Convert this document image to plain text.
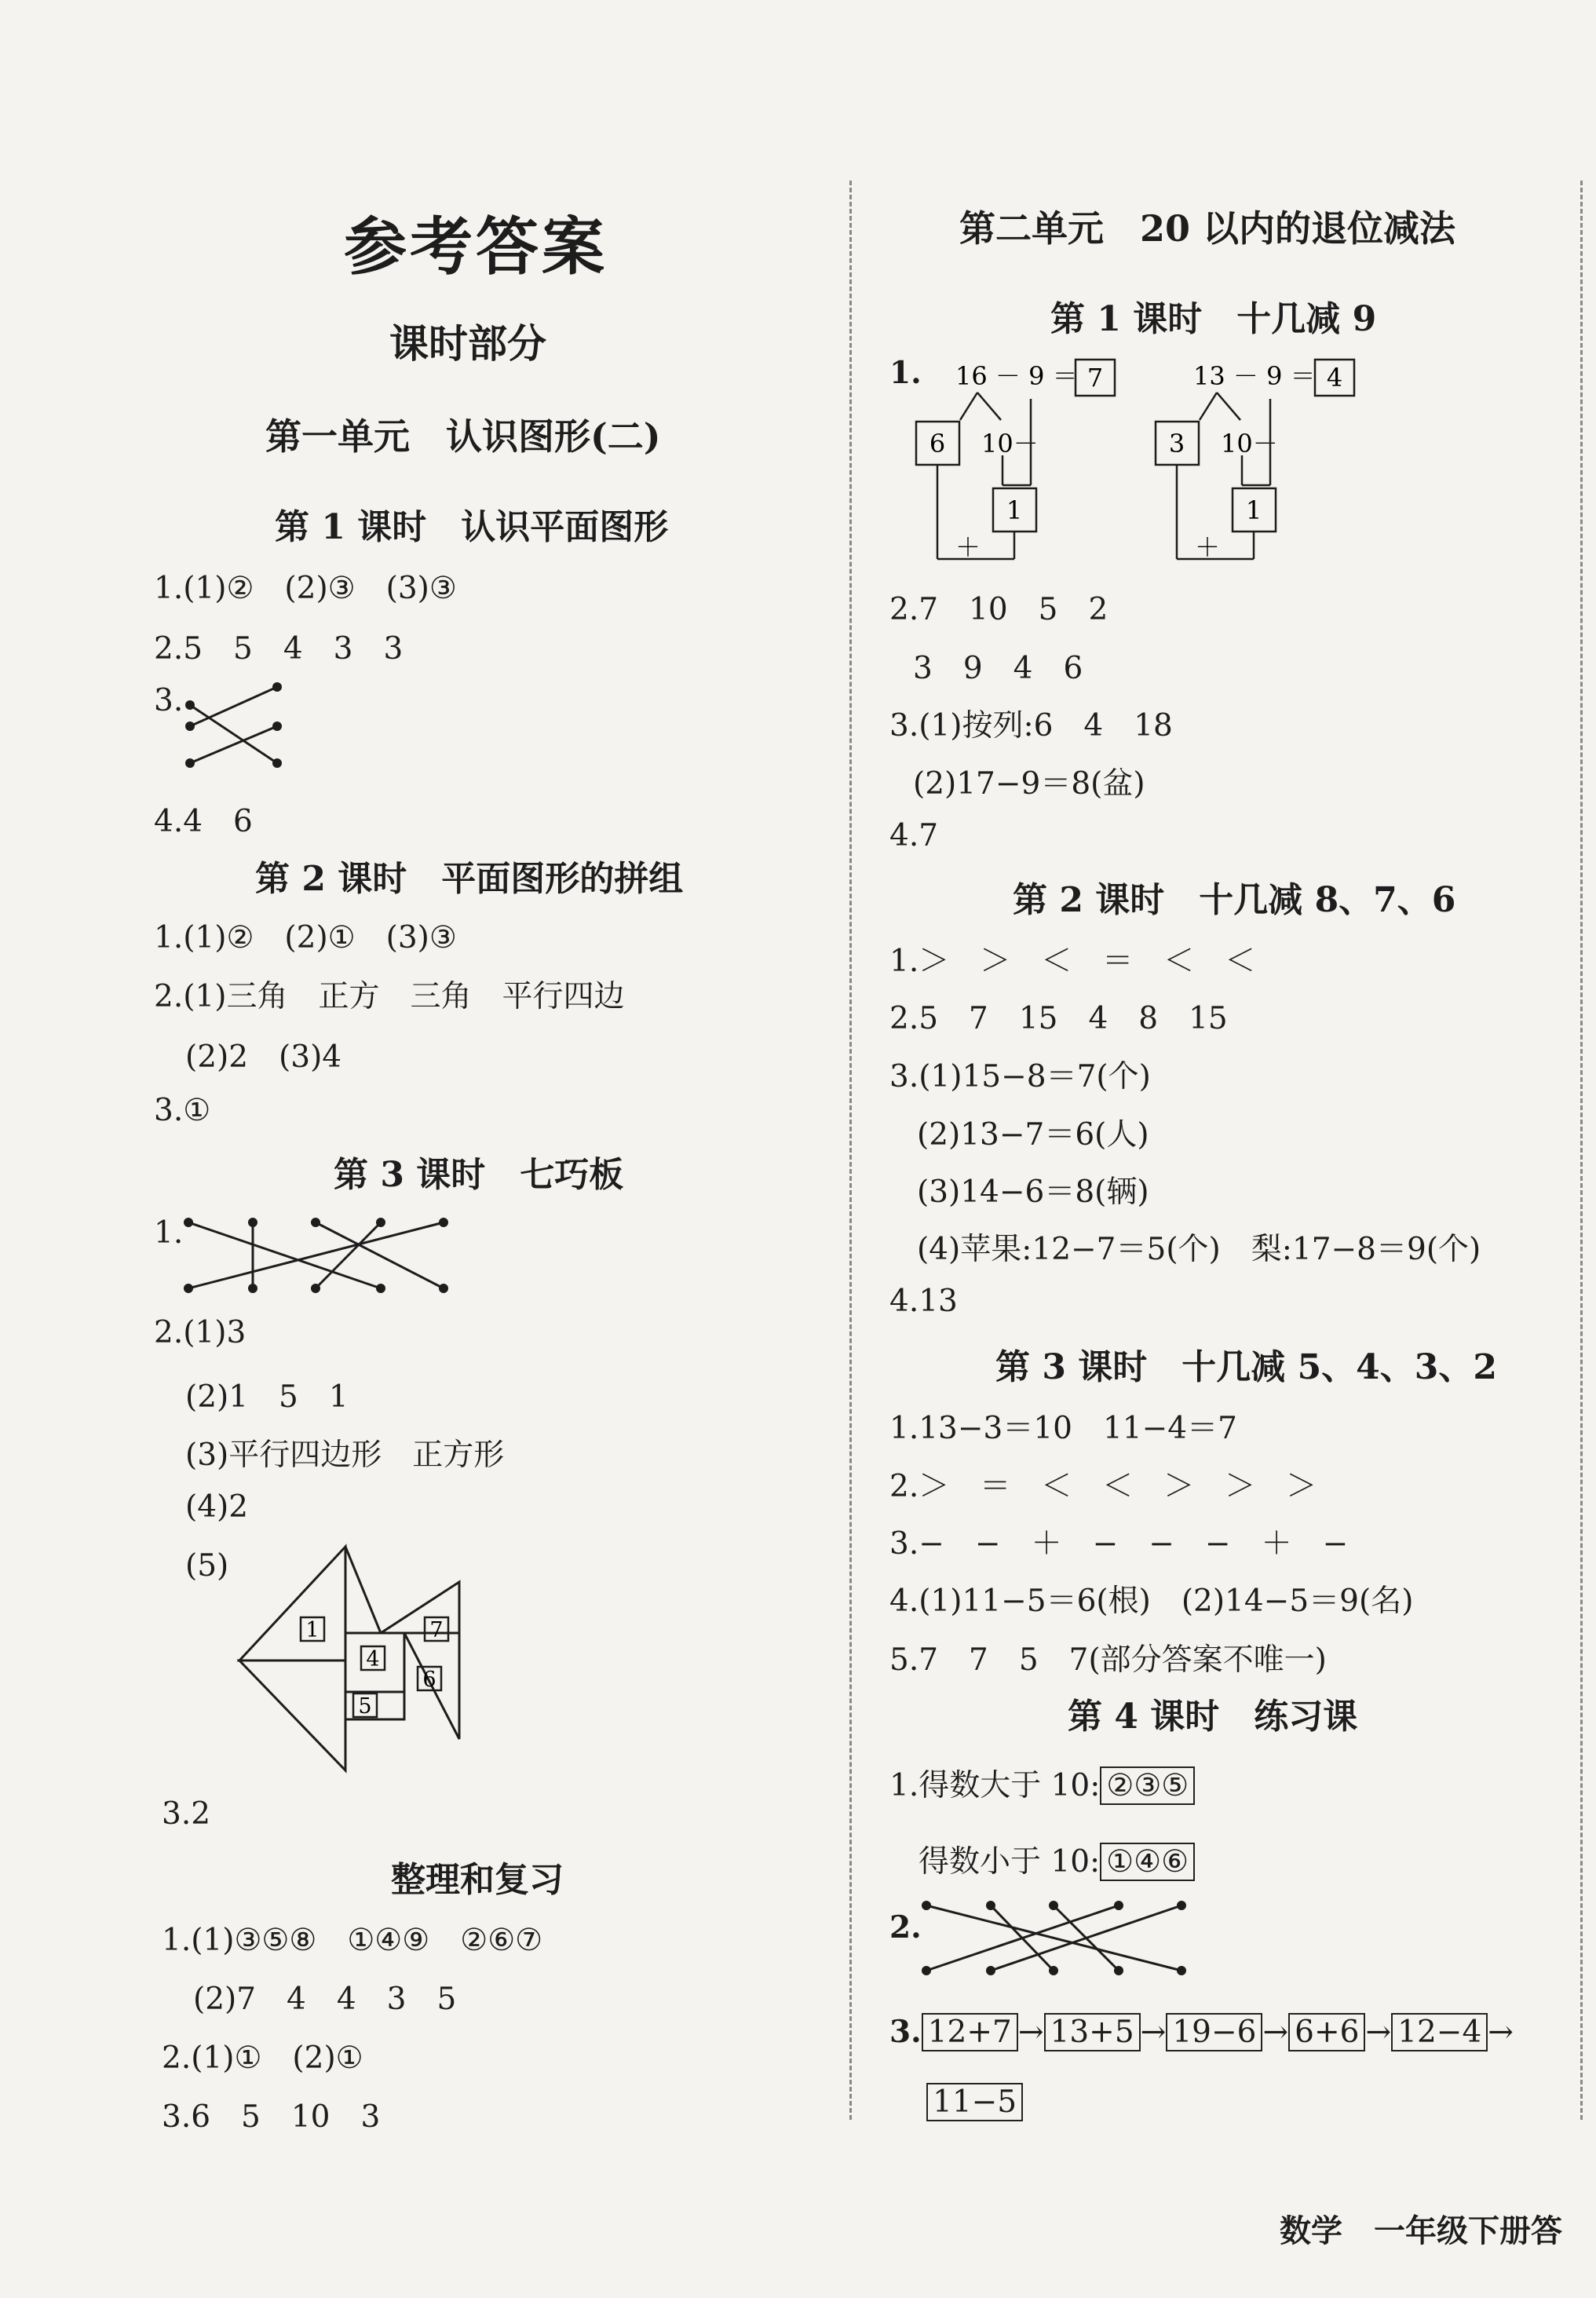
参考答案
课时部分
第一单元　认识图形(二)
第 1 课时　认识平面图形
1.(1)②　(2)③　(3)③
2.5　5　4　3　3
3.
4.4　6
第 2 课时　平面图形的拼组
1.(1)②　(2)①　(3)③
2.(1)三角　正方　三角　平行四边
(2)2　(3)4
3.①
第 3 课时　七巧板
1.
2.(1)3
(2)1　5　1
(3)平行四边形　正方形
(4)2
(5)
1
4
7
6
5
3.2
整理和复习
1.(1)③⑤⑧　①④⑨　②⑥⑦
(2)7　4　4　3　5
2.(1)①　(2)①
3.6　5　10　3
第二单元　20 以内的退位减法
第 1 课时　十几减 9
1. 16 － 9 ＝ 7
6 10－
1
＋
13 － 9 ＝ 4
3 10－
1
＋
2.7　10　5　2
3　9　4　6
3.(1)按列:6　4　18
(2)17−9＝8(盆)
4.7
第 2 课时　十几减 8、7、6
1.＞　＞　＜　＝　＜　＜
2.5　7　15　4　8　15
3.(1)15−8＝7(个)
(2)13−7＝6(人)
(3)14−6＝8(辆)
(4)苹果:12−7＝5(个)　梨:17−8＝9(个)
4.13
第 3 课时　十几减 5、4、3、2
1.13−3＝10　11−4＝7
2.＞　＝　＜　＜　＞　＞　＞
3.−　−　＋　−　−　−　＋　−
4.(1)11−5＝6(根)　(2)14−5＝9(名)
5.7　7　5　7(部分答案不唯一)
第 4 课时　练习课
1.得数大于 10: ②③⑤
得数小于 10: ①④⑥
2.
3. 12+7 → 13+5 → 19−6 → 6+6 → 12−4 →
11−5
数学　一年级下册答
